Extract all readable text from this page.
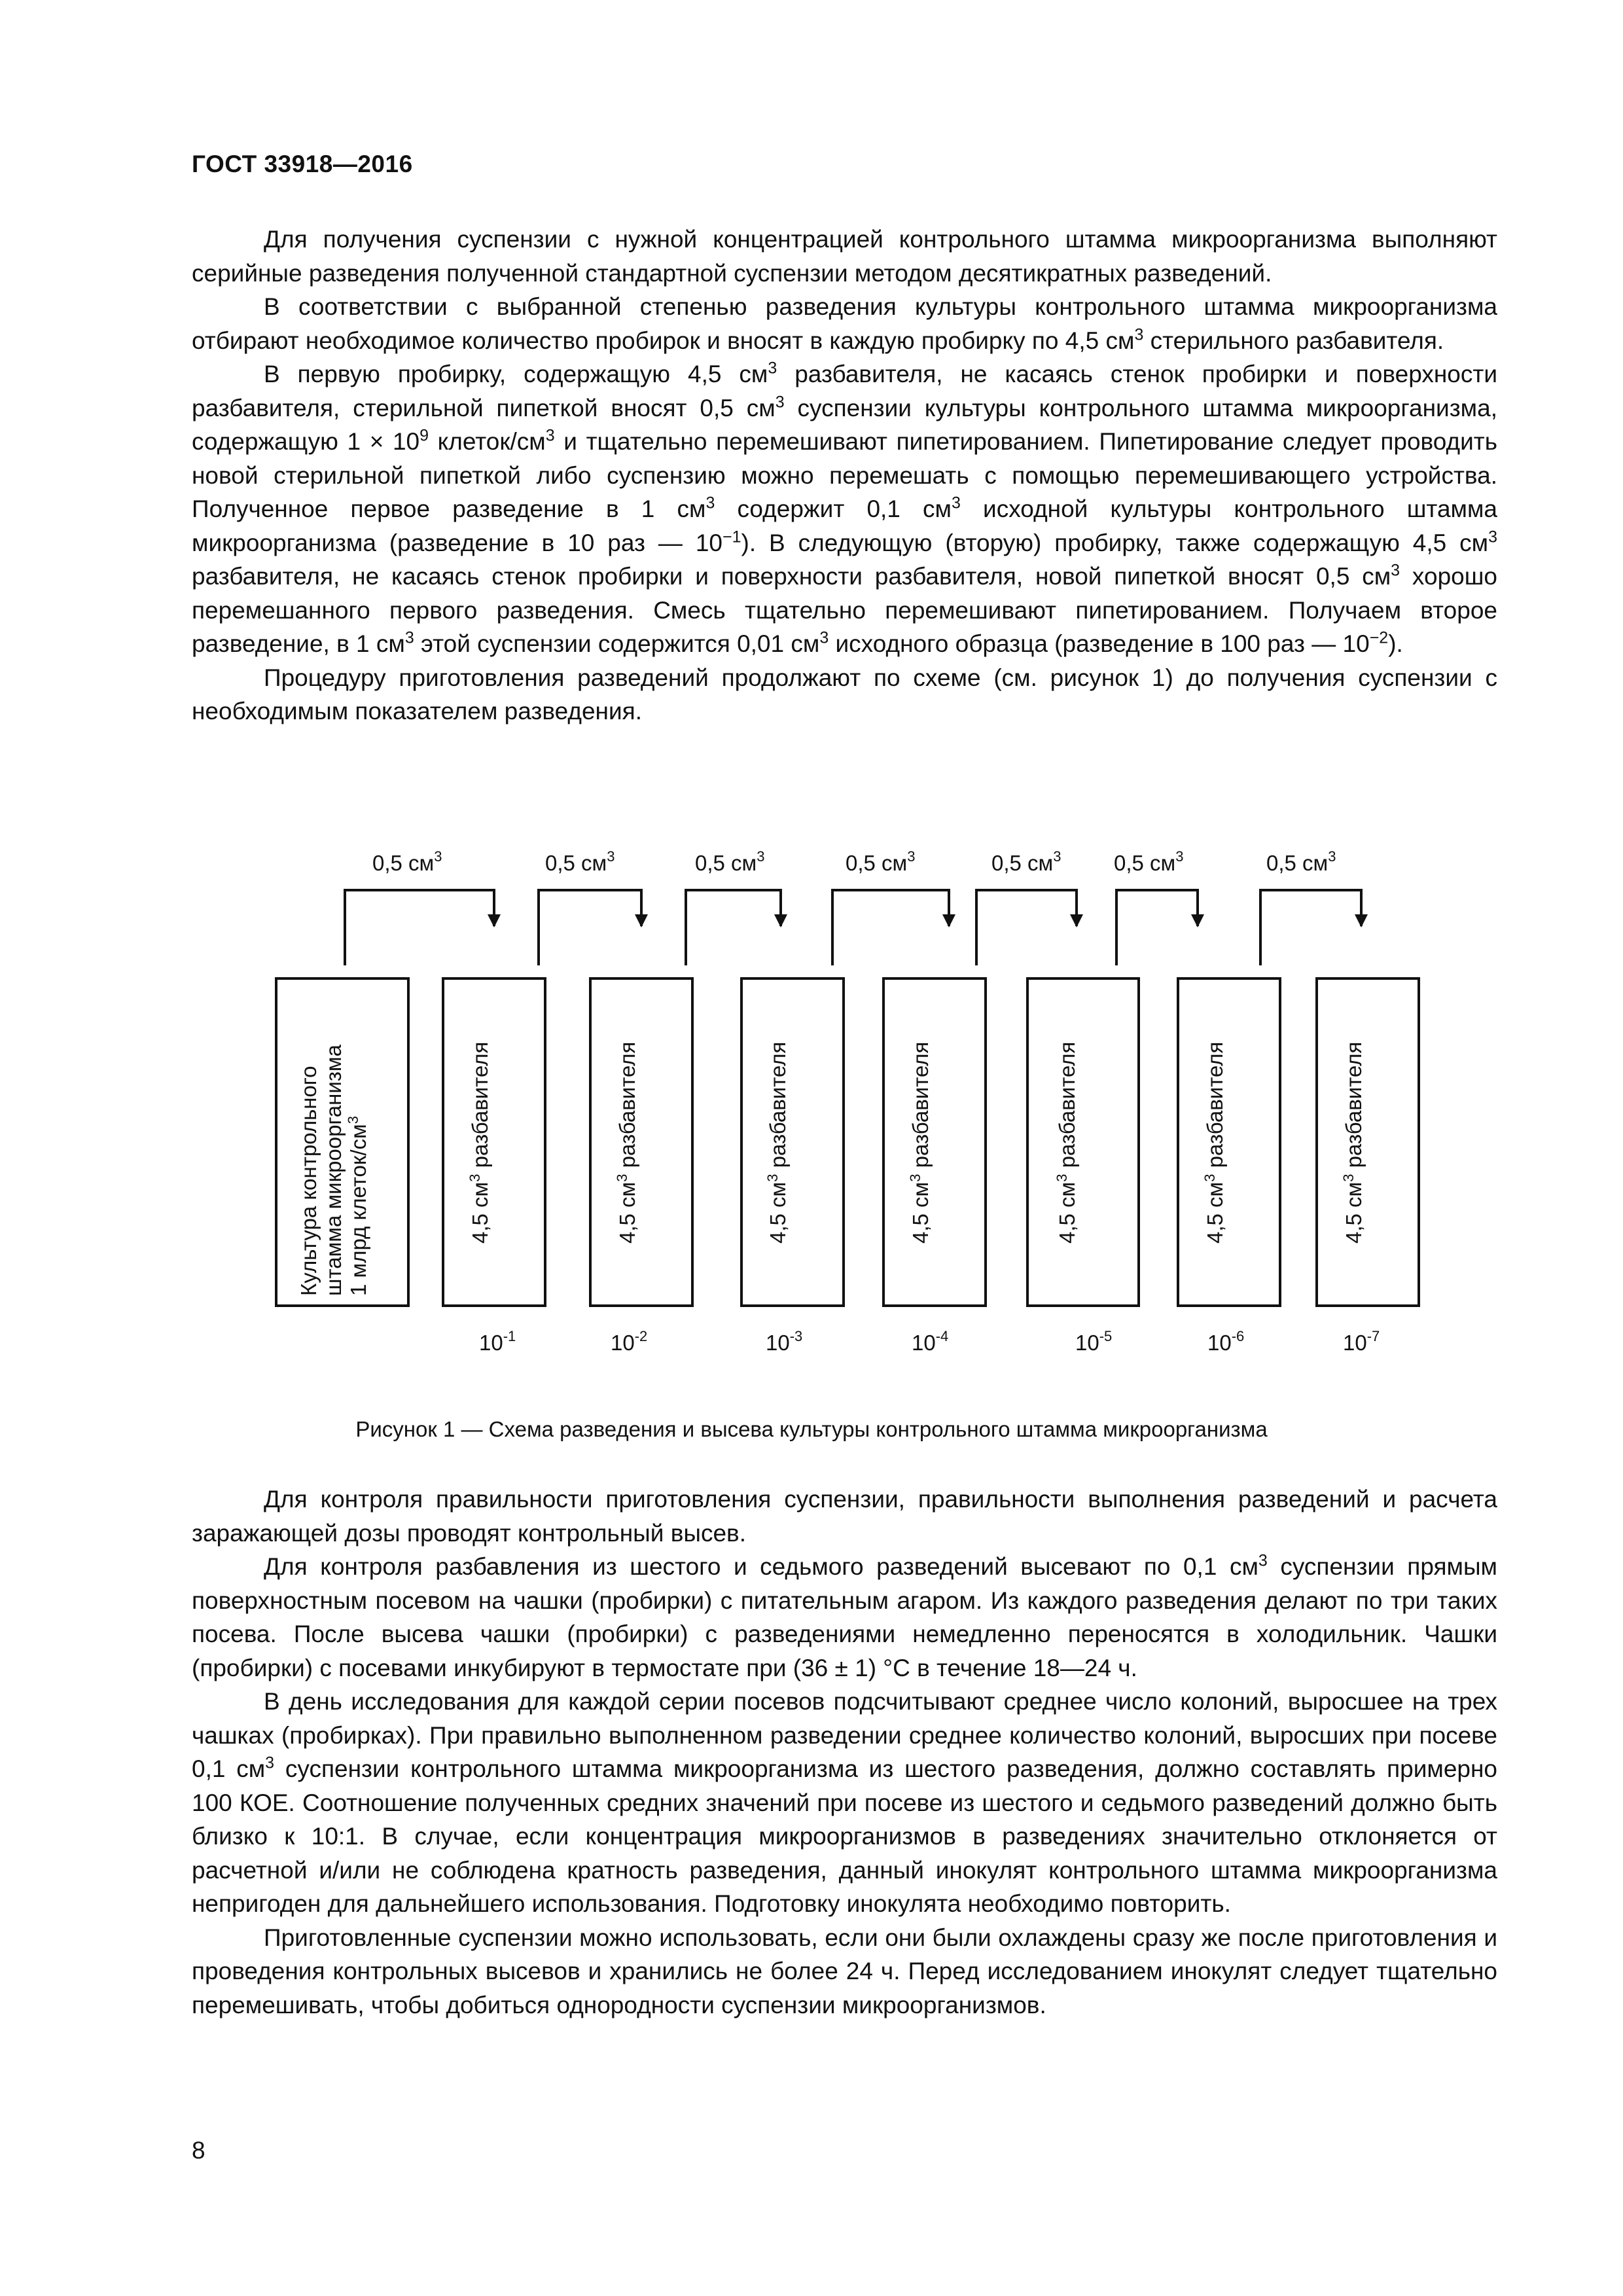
ГОСТ 33918—2016

Для получения суспензии с нужной концентрацией контрольного штамма микроорганизма выполняют серийные разведения полученной стандартной суспензии методом десятикратных разведений.

В соответствии с выбранной степенью разведения культуры контрольного штамма микроорганизма отбирают необходимое количество пробирок и вносят в каждую пробирку по 4,5 $см^3$ стерильного разбавителя.

В первую пробирку, содержащую 4,5 $см^3$ разбавителя, не касаясь стенок пробирки и поверхности разбавителя, стерильной пипеткой вносят 0,5 $см^3$ суспензии культуры контрольного штамма микроорганизма, содержащую $1 \times 10^9$ клеток/$см^3$ и тщательно перемешивают пипетированием. Пипетирование следует проводить новой стерильной пипеткой либо суспензию можно перемешать с помощью перемешивающего устройства. Полученное первое разведение в 1 $см^3$ содержит 0,1 $см^3$ исходной культуры контрольного штамма микроорганизма (разведение в 10 раз — $10^{-1}$). В следующую (вторую) пробирку, также содержащую 4,5 $см^3$ разбавителя, не касаясь стенок пробирки и поверхности разбавителя, новой пипеткой вносят 0,5 $см^3$ хорошо перемешанного первого разведения. Смесь тщательно перемешивают пипетированием. Получаем второе разведение, в 1 $см^3$ этой суспензии содержится 0,01 $см^3$ исходного образца (разведение в 100 раз — $10^{-2}$).

Процедуру приготовления разведений продолжают по схеме (см. рисунок 1) до получения суспензии с необходимым показателем разведения.

Культура контрольного штамма микроорганизма 1 млрд клеток/$см^3$
4,5 $см^3$ разбавителя
4,5 $см^3$ разбавителя
4,5 $см^3$ разбавителя
4,5 $см^3$ разбавителя
4,5 $см^3$ разбавителя
4,5 $см^3$ разбавителя
4,5 $см^3$ разбавителя
0,5 $см^3$	0,5 $см^3$	0,5 $см^3$	0,5 $см^3$	0,5 $см^3$ 0,5 $см^3$	0,5 $см^3$
$10^{-1}$	$10^{-2}$	$10^{-3}$	$10^{-4}$	$10^{-5}$	$10^{-6}$	$10^{-7}$
Рисунок 1 — Схема разведения и высева культуры контрольного штамма микроорганизма

Для контроля правильности приготовления суспензии, правильности выполнения разведений и расчета заражающей дозы проводят контрольный высев.

Для контроля разбавления из шестого и седьмого разведений высевают по 0,1 $см^3$ суспензии прямым поверхностным посевом на чашки (пробирки) с питательным агаром. Из каждого разведения делают по три таких посева. После высева чашки (пробирки) с разведениями немедленно переносятся в холодильник. Чашки (пробирки) с посевами инкубируют в термостате при (36 ± 1) °С в течение 18—24 ч.

В день исследования для каждой серии посевов подсчитывают среднее число колоний, выросшее на трех чашках (пробирках). При правильно выполненном разведении среднее количество колоний, выросших при посеве 0,1 $см^3$ суспензии контрольного штамма микроорганизма из шестого разведения, должно составлять примерно 100 КОЕ. Соотношение полученных средних значений при посеве из шестого и седьмого разведений должно быть близко к 10:1. В случае, если концентрация микроорганизмов в разведениях значительно отклоняется от расчетной и/или не соблюдена кратность разведения, данный инокулят контрольного штамма микроорганизма непригоден для дальнейшего использования. Подготовку инокулята необходимо повторить.

Приготовленные суспензии можно использовать, если они были охлаждены сразу же после приготовления и проведения контрольных высевов и хранились не более 24 ч. Перед исследованием инокулят следует тщательно перемешивать, чтобы добиться однородности суспензии микроорганизмов.

8
